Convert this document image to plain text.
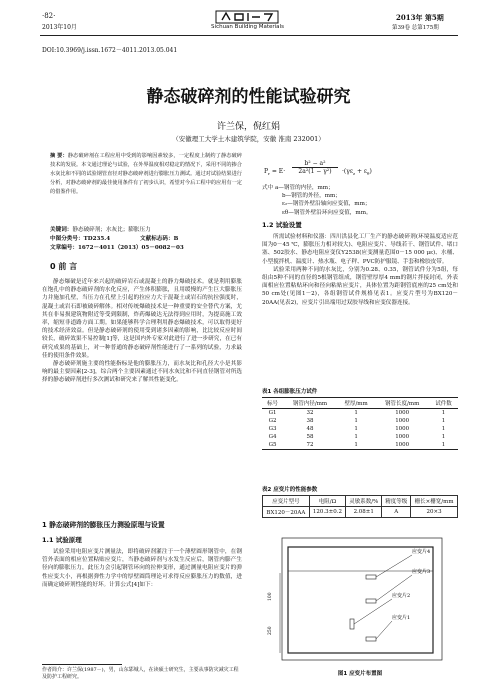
·82·
2013年10月	Sichuan Building Materials
2013年 第5期
第39卷 总第175期
DOI:10.3969/j.issn.1672－4011.2013.05.041
静态破碎剂的性能试验研究
许兰保，倪红娟
（安徽理工大学土木建筑学院，安徽 淮南 232001）
摘 要：静态破碎剂在工程应用中受到的影响因素较多，一定程度上制约了静态破碎技术的发展。本文通过理论与试验，在外界温度相对稳定的情况下，采用不同的掺合水灰比和不同的试验钢管直径对静态破碎剂进行膨胀压力测试。通过对试验结果进行分析，对静态破碎剂的最佳使用条件有了初步认识，希望对今后工程中的应用有一定的借鉴作用。
关键词：静态破碎剂；水灰比；膨胀压力
中图分类号：TD235.4	文献标志码：B
文章编号：1672－4011（2013）05－0082－03
0 前 言

静态爆破是近年来兴起的破碎岩石或混凝土的静力爆破技术。就是利用膨胀在饱孔中的静态破碎剂的水化反应，产生体积膨胀，且用缓慢的产生巨大膨胀压力并施加孔壁，当压力在孔壁上引起的拉应力大于混凝土或岩石的抗拉强度时，混凝土或岩石即被破碎解体。相对传统爆破技术是一种重要的安全替代方案，尤其在非易损建筑物附近等受到限制，炸药爆破达无法得到应用时，为提高施工效率，缩短非道路方面工期。如果能够科学合理利用静态爆破技术，可以取得更好的技术经济效益。但是静态破碎剂的使用受到诸多因素的影响，比比较反应时间较长，破碎效果不易控制[1]等，这是国内外专家对此进行了进一步研究，在已有研究成果的基础上，对一种普通的静态破碎剂性能进行了一系列的试验，力求最佳的使用条件效果。

静态破碎剂施主要的性能指标是他的膨胀压力，而水灰比和孔径大小是其影响的最主要因素[2-3]，综合两个主要因素通过不同水灰比和不同直径钢管对所选择的静态破碎剂进行多次测试和研究来了解其性能变化。

1 静态破碎剂的膨胀压力测验原理与设置
1.1 试验原理

试验采用电阻应变片测量法，即将破碎剂灌注于一个薄壁圆形钢管中，在钢管外表面的相应位置粘贴应变片，当静态破碎剂与水发生反应后，钢管内膨产生径向的膨胀压力，此压力会引起钢管环向的拉伸变形，通过测量电阻应变片的弹性应变大小，再根据弹性力学中的厚壁圆筒理论可求得反应膨胀压力的数值，进而确定破碎剂性能的好坏。计算公式[4]如下：

作者简介：许兰保(1987－)，男，山东郓城人，在读硕士研究生，主要从事防灾减灾工程及防护工程研究。
$P_r = E\cdot \frac{\text{b² − a²}}{\text{2a²(1 − γ²)}} \cdot(\gamma\varepsilon_z + \varepsilon_\theta)$
式中 a—钢管的内径，mm；
b—钢管的外径，mm；
ε₂—钢管外壁沿轴向应变值，mm；
εθ—钢管外壁沿环向应变值，mm。
1.2 试验设置

所需试验材料和仪器：四川洪县化工厂生产的静态破碎剂(环境温度适应范围为0－45 ℃，膨胀压力相对较大)、电阻应变片、导线若干、钢管试件、堵口塞、502胶水、静态电阻应变仪Y2538(应变测量范围0－15 000 με)、水桶、小型搅拌机、温度计、热水瓶、电子秤、PVC防护服镜、手套和橡胶皮带。

试验采用两种不同的水灰比，分别为0.28、0.35，钢管试件分为5组，每组由5种不同的直径的5根钢管组成，钢管壁厚厚4 mm的钢片拌接封闭，外表面相应位置粘贴环向和径向粘贴应变片，具体位置为距钢管底座的25 cm处和50 cm处(见图1－2)，各组钢管试件规格见表1。应变片型号为BX120－20AA(见表2)，应变片引出端用过双胶导线和应变仪器连接。

表1 各组膨胀压力试件
标号	钢管内径/mm	壁厚/mm	钢管长度/mm	试件数
G1	32	1	1000	1
G2	38	1	1000	1
G3	48	1	1000	1
G4	58	1	1000	1
G5	72	1	1000	1
表2 应变片的性能参数
应变片型号	电阻/Ω	灵敏系数/%	精度等级	栅长×栅宽/mm
BX120－20AA	120.3±0.2	2.08±1	A	20×3
应变片4
应变片3
应变片2
应变片1
100
250
图1 应变片布置图
